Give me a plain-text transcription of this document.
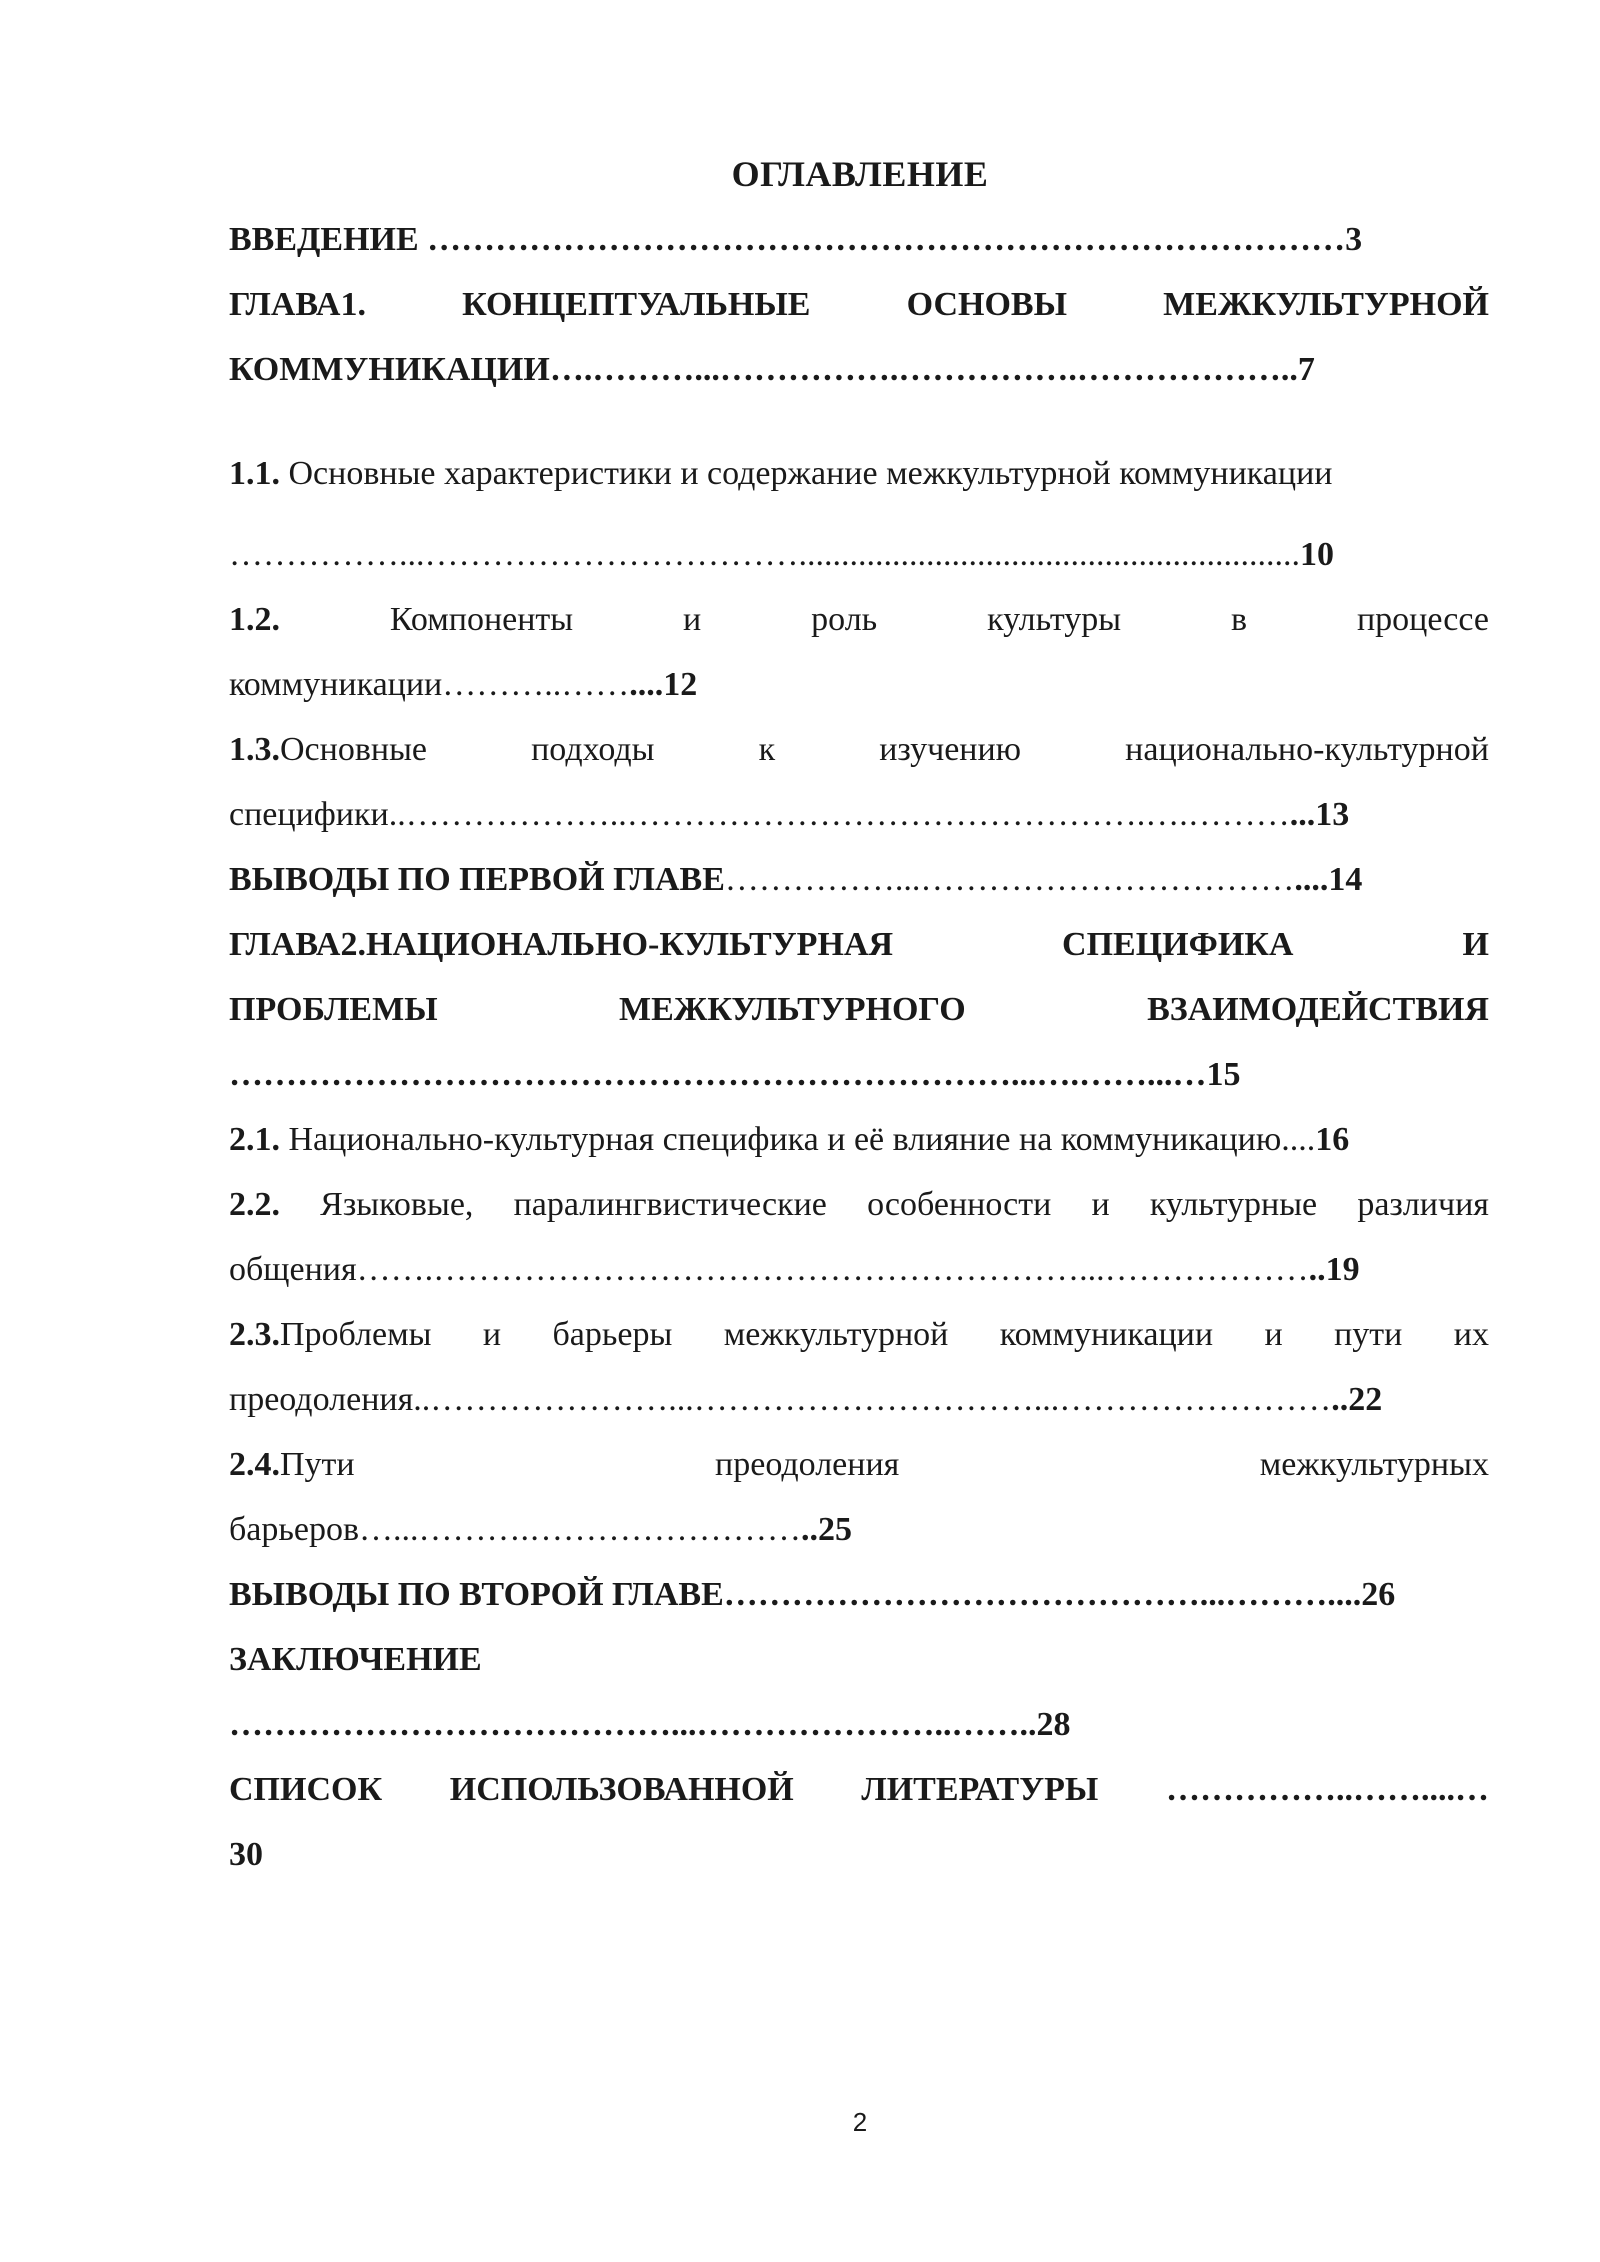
ОГЛАВЛЕНИЕ
ВВЕДЕНИЕ ………………………………………………………………………3
ГЛАВА1.	КОНЦЕПТУАЛЬНЫЕ	ОСНОВЫ	МЕЖКУЛЬТУРНОЙ
КОММУНИКАЦИИ….………...…………….…………….………………..7
1.1. Основные характеристики и содержание межкультурной коммуникации
……………...……………………………...........................................................10
1.2.	Компоненты	и	роль	культуры	в	процессе
коммуникации………..……....12
1.3.Основные	подходы	к	изучению	национально-культурной
специфики..………………..……………………………………….….………...13
ВЫВОДЫ ПО ПЕРВОЙ ГЛАВЕ……………...……………………………....14
ГЛАВА2.НАЦИОНАЛЬНО-КУЛЬТУРНАЯ	СПЕЦИФИКА	И
ПРОБЛЕМЫ	МЕЖКУЛЬТУРНОГО	ВЗАИМОДЕЙСТВИЯ
……………………………………………………………...….……...…15
2.1. Национально-культурная специфика и её влияние на коммуникацию....16
2.2. Языковые, паралингвистические особенности и культурные различия
общения…….…………………………………………………...………………..19
2.3.Проблемы и барьеры межкультурной коммуникации и пути их
преодоления..…………………...…………………………...……………………..22
2.4.Пути	преодоления	межкультурных
барьеров…...……….……………………..25
ВЫВОДЫ ПО ВТОРОЙ ГЛАВЕ……………………………………...………....26
ЗАКЛЮЧЕНИЕ
…………………………………...…………………..……..28
СПИСОК ИСПОЛЬЗОВАННОЙ ЛИТЕРАТУРЫ ……………..……....…
30
2
